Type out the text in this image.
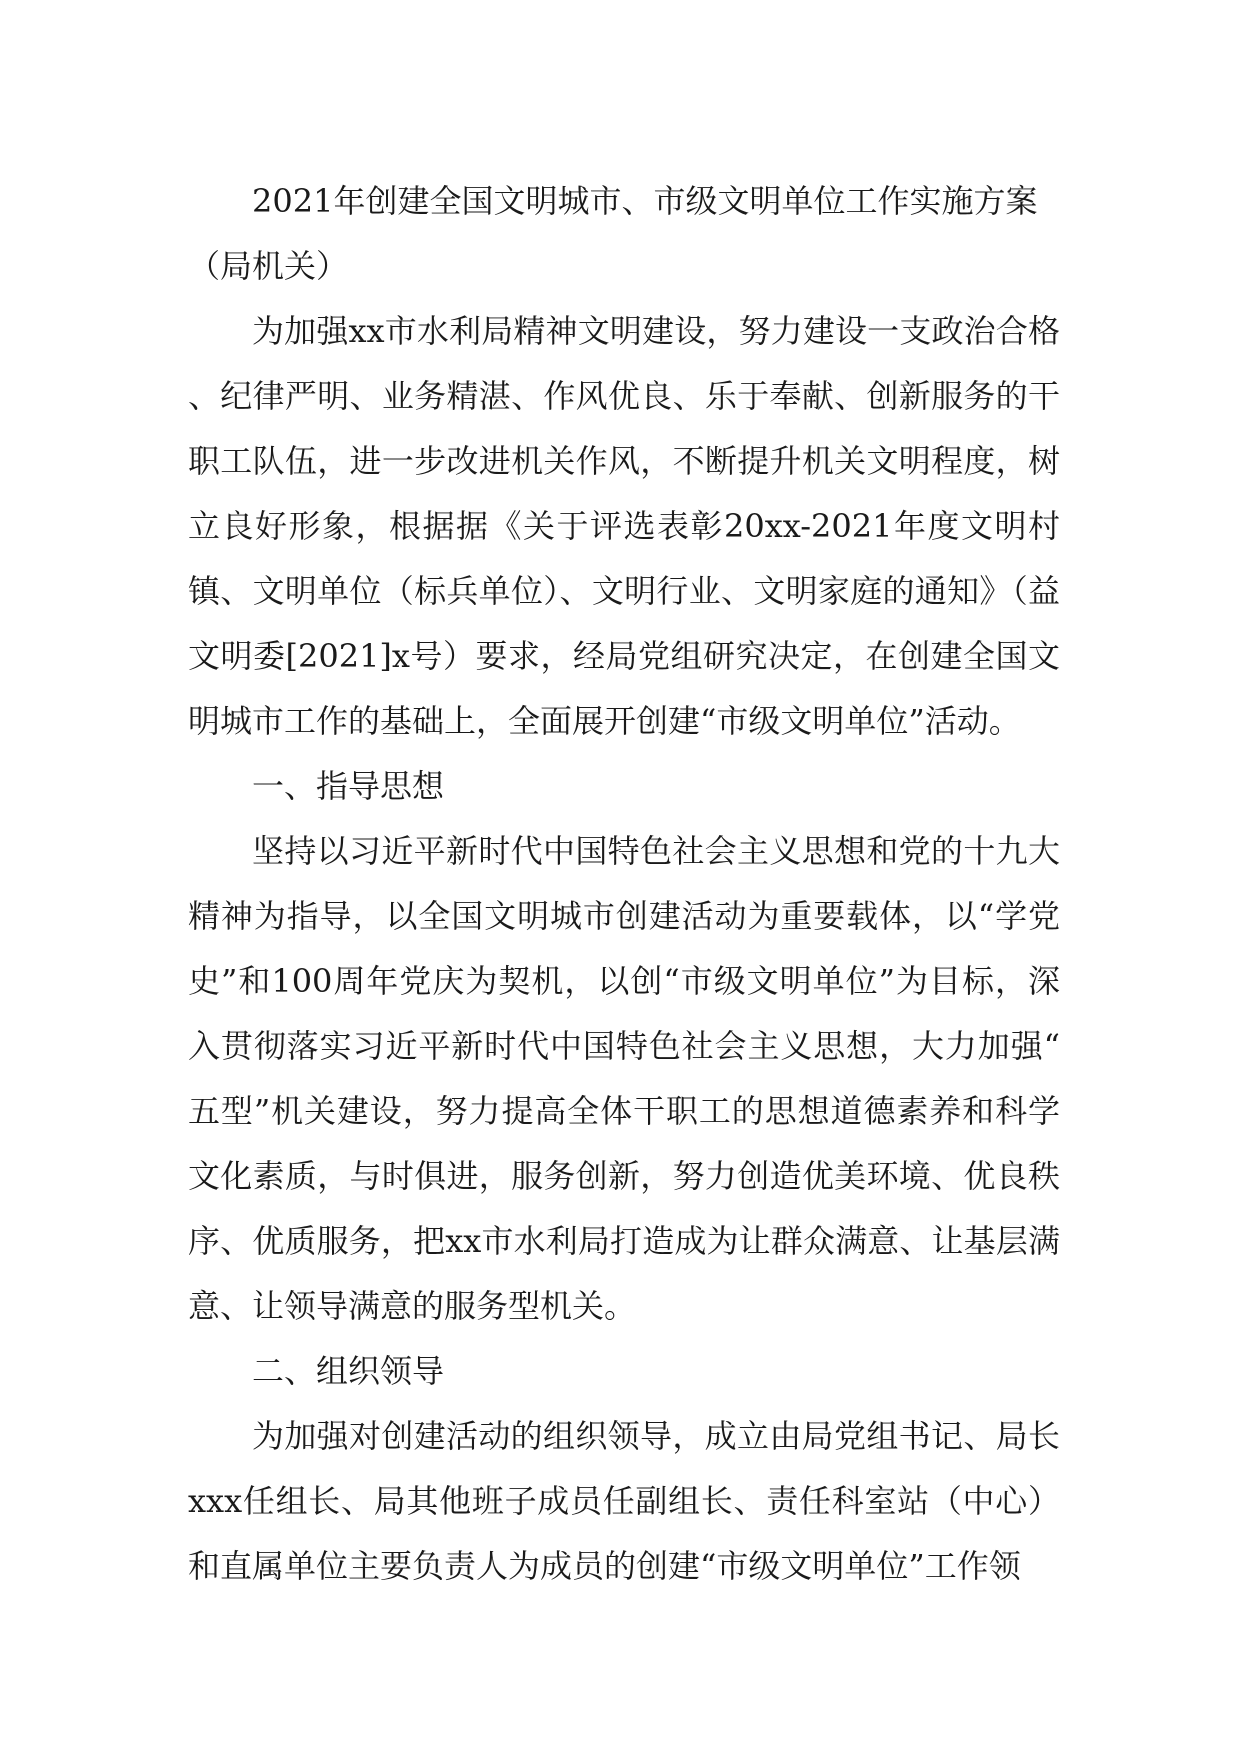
2021年创建全国文明城市、市级文明单位工作实施方案（局机关）

为加强xx市水利局精神文明建设，努力建设一支政治合格、纪律严明、业务精湛、作风优良、乐于奉献、创新服务的干职工队伍，进一步改进机关作风，不断提升机关文明程度，树立良好形象，根据据《关于评选表彰20xx-2021年度文明村镇、文明单位（标兵单位）、文明行业、文明家庭的通知》（益文明委[2021]x号）要求，经局党组研究决定，在创建全国文明城市工作的基础上，全面展开创建“市级文明单位”活动。

一、指导思想

坚持以习近平新时代中国特色社会主义思想和党的十九大精神为指导，以全国文明城市创建活动为重要载体，以“学党史”和100周年党庆为契机，以创“市级文明单位”为目标，深入贯彻落实习近平新时代中国特色社会主义思想，大力加强“五型”机关建设，努力提高全体干职工的思想道德素养和科学文化素质，与时俱进，服务创新，努力创造优美环境、优良秩序、优质服务，把xx市水利局打造成为让群众满意、让基层满意、让领导满意的服务型机关。

二、组织领导

为加强对创建活动的组织领导，成立由局党组书记、局长xxx任组长、局其他班子成员任副组长、责任科室站（中心）和直属单位主要负责人为成员的创建“市级文明单位”工作领
